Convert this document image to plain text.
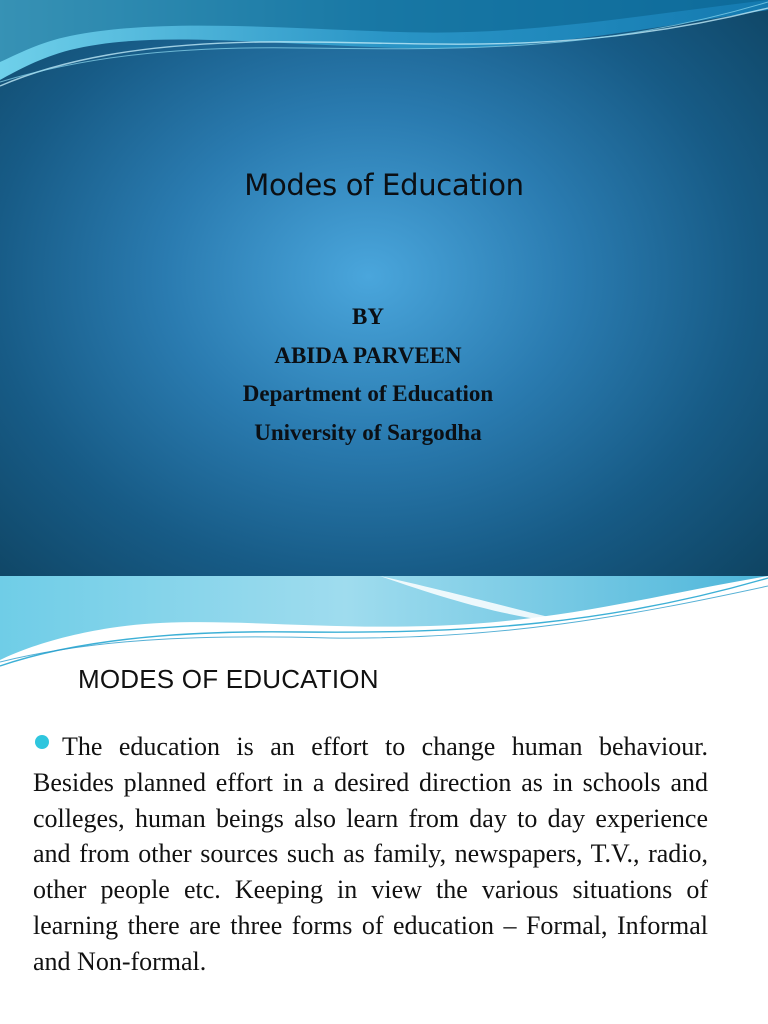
Modes of Education
BY
ABIDA PARVEEN
Department of Education
University of Sargodha
MODES OF EDUCATION
The education is an effort to change human behaviour. Besides planned effort in a desired direction as in schools and colleges, human beings also learn from day to day experience and from other sources such as family, newspapers, T.V., radio, other people etc. Keeping in view the various situations of learning there are three forms of education – Formal, Informal and Non-formal.
